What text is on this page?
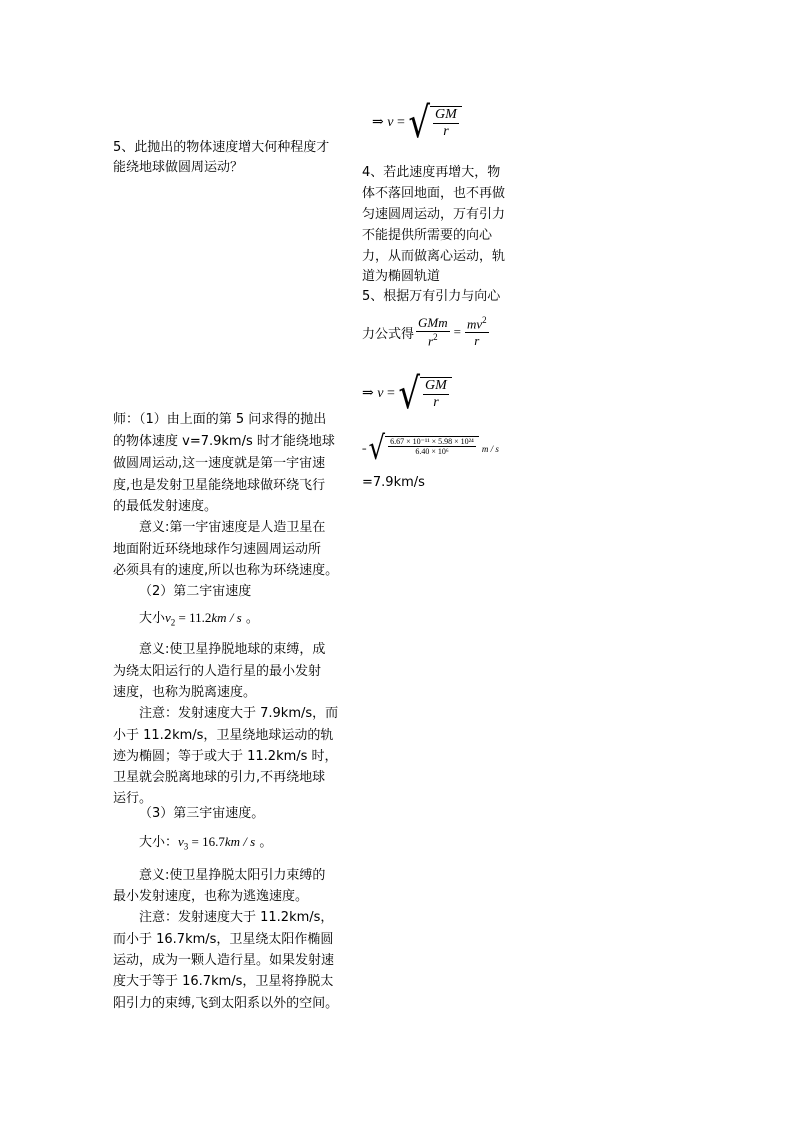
5、此抛出的物体速度增大何种程度才
能绕地球做圆周运动？
师：（1）由上面的第 5 问求得的抛出
的物体速度 v=7.9km/s 时才能绕地球
做圆周运动,这一速度就是第一宇宙速
度,也是发射卫星能绕地球做环绕飞行
的最低发射速度。
意义:第一宇宙速度是人造卫星在
地面附近环绕地球作匀速圆周运动所
必须具有的速度,所以也称为环绕速度。
（2）第二宇宙速度
大小$v_2 = 11.2km / s$ 。
意义:使卫星挣脱地球的束缚，成
为绕太阳运行的人造行星的最小发射
速度，也称为脱离速度。
注意：发射速度大于 7.9km/s，而
小于 11.2km/s，卫星绕地球运动的轨
迹为椭圆；等于或大于 11.2km/s 时，
卫星就会脱离地球的引力,不再绕地球
运行。
（3）第三宇宙速度。
大小：$v_3 = 16.7km / s$ 。
意义:使卫星挣脱太阳引力束缚的
最小发射速度，也称为逃逸速度。
注意：发射速度大于 11.2km/s，
而小于 16.7km/s，卫星绕太阳作椭圆
运动，成为一颗人造行星。如果发射速
度大于等于 16.7km/s，卫星将挣脱太
阳引力的束缚,飞到太阳系以外的空间。
⇒ v = √ $\frac{GM}{r}$
4、若此速度再增大，物
体不落回地面，也不再做
匀速圆周运动，万有引力
不能提供所需要的向心
力，从而做离心运动，轨
道为椭圆轨道
5、根据万有引力与向心
力公式得 $\frac{\text{GMm}}{r^2} = \frac{mv^2}{r}$
⇒ v = √ $\frac{GM}{r}$
= √ $\frac{\text{6.67 × 10⁻¹¹ × 5.98 × 10²⁴}}{\text{6.40 × 10⁶}}$ m / s
=7.9km/s
